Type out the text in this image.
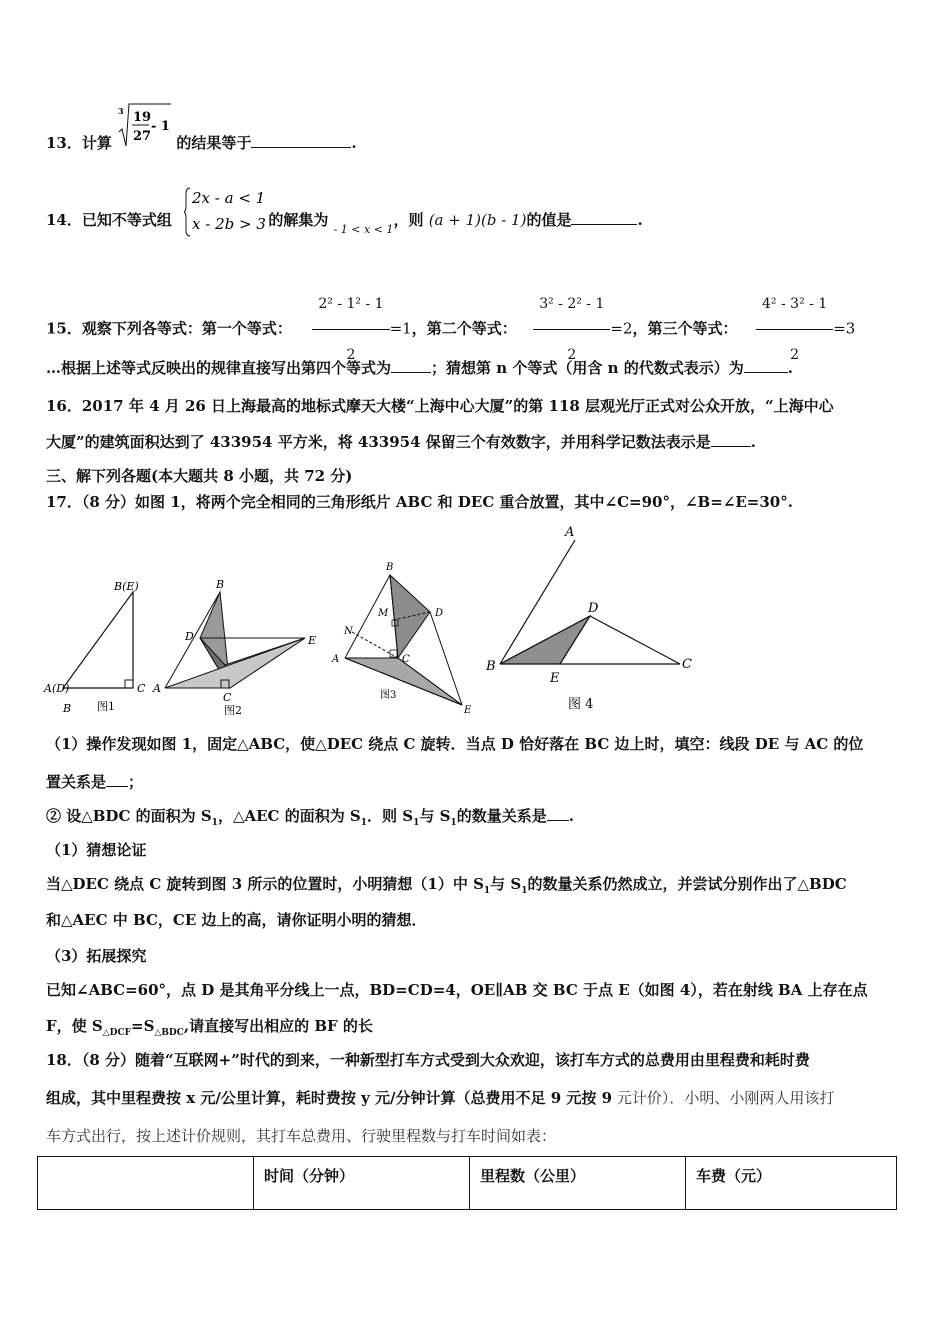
13．计算
3 19
27
- 1
的结果等于	.
2x - a < 1
x - 2b > 3
14．已知不等式组	的解集为 $_{- 1 < x < 1}$，则 (a + 1)(b - 1)的值是	.
15．观察下列各等式：第一个等式： $\frac{\text{2² - 1² - 1}}{2} =1$，第二个等式： $\frac{\text{3² - 2² - 1}}{2} =2$，第三个等式： $\frac{\text{4² - 3² - 1}}{2} =3$
…根据上述等式反映出的规律直接写出第四个等式为	；猜想第 n 个等式（用含 n 的代数式表示）为	.
16．2017 年 4 月 26 日上海最高的地标式摩天大楼“上海中心大厦”的第 118 层观光厅正式对公众开放，“上海中心
大厦”的建筑面积达到了 433954 平方米，将 433954 保留三个有效数字，并用科学记数法表示是	.
三、解下列各题(本大题共 8 小题，共 72 分)
17．（8 分）如图 1，将两个完全相同的三角形纸片 ABC 和 DEC 重合放置，其中∠C=90°，∠B=∠E=30°.
B(E)
A(D)	C
B 图1
B
D	E
A
C
图2
B
M	D
N
A	C
E
图3
A
D
B
E
C
图 4
（1）操作发现如图 1，固定△ABC，使△DEC 绕点 C 旋转．当点 D 恰好落在 BC 边上时，填空：线段 DE 与 AC 的位
置关系是 ；
② 设△BDC 的面积为 $S_1$，△AEC 的面积为 $S_1$．则 $S_1$与 $S_1$的数量关系是 .
（1）猜想论证
当△DEC 绕点 C 旋转到图 3 所示的位置时，小明猜想（1）中 $S_1$与 $S_1$的数量关系仍然成立，并尝试分别作出了△BDC
和△AEC 中 BC，CE 边上的高，请你证明小明的猜想．
（3）拓展探究
已知∠ABC=60°，点 D 是其角平分线上一点，BD=CD=4，OE∥AB 交 BC 于点 E（如图 4），若在射线 BA 上存在点
F，使 $S_{\triangle DCF}=S_{\triangle BDC}$,请直接写出相应的 BF 的长
18．（8 分）随着“互联网+”时代的到来，一种新型打车方式受到大众欢迎，该打车方式的总费用由里程费和耗时费
组成，其中里程费按 x 元/公里计算，耗时费按 y 元/分钟计算（总费用不足 9 元按 9 元计价）．小明、小刚两人用该打
车方式出行，按上述计价规则，其打车总费用、行驶里程数与打车时间如表：
	时间（分钟）	里程数（公里）	车费（元）
